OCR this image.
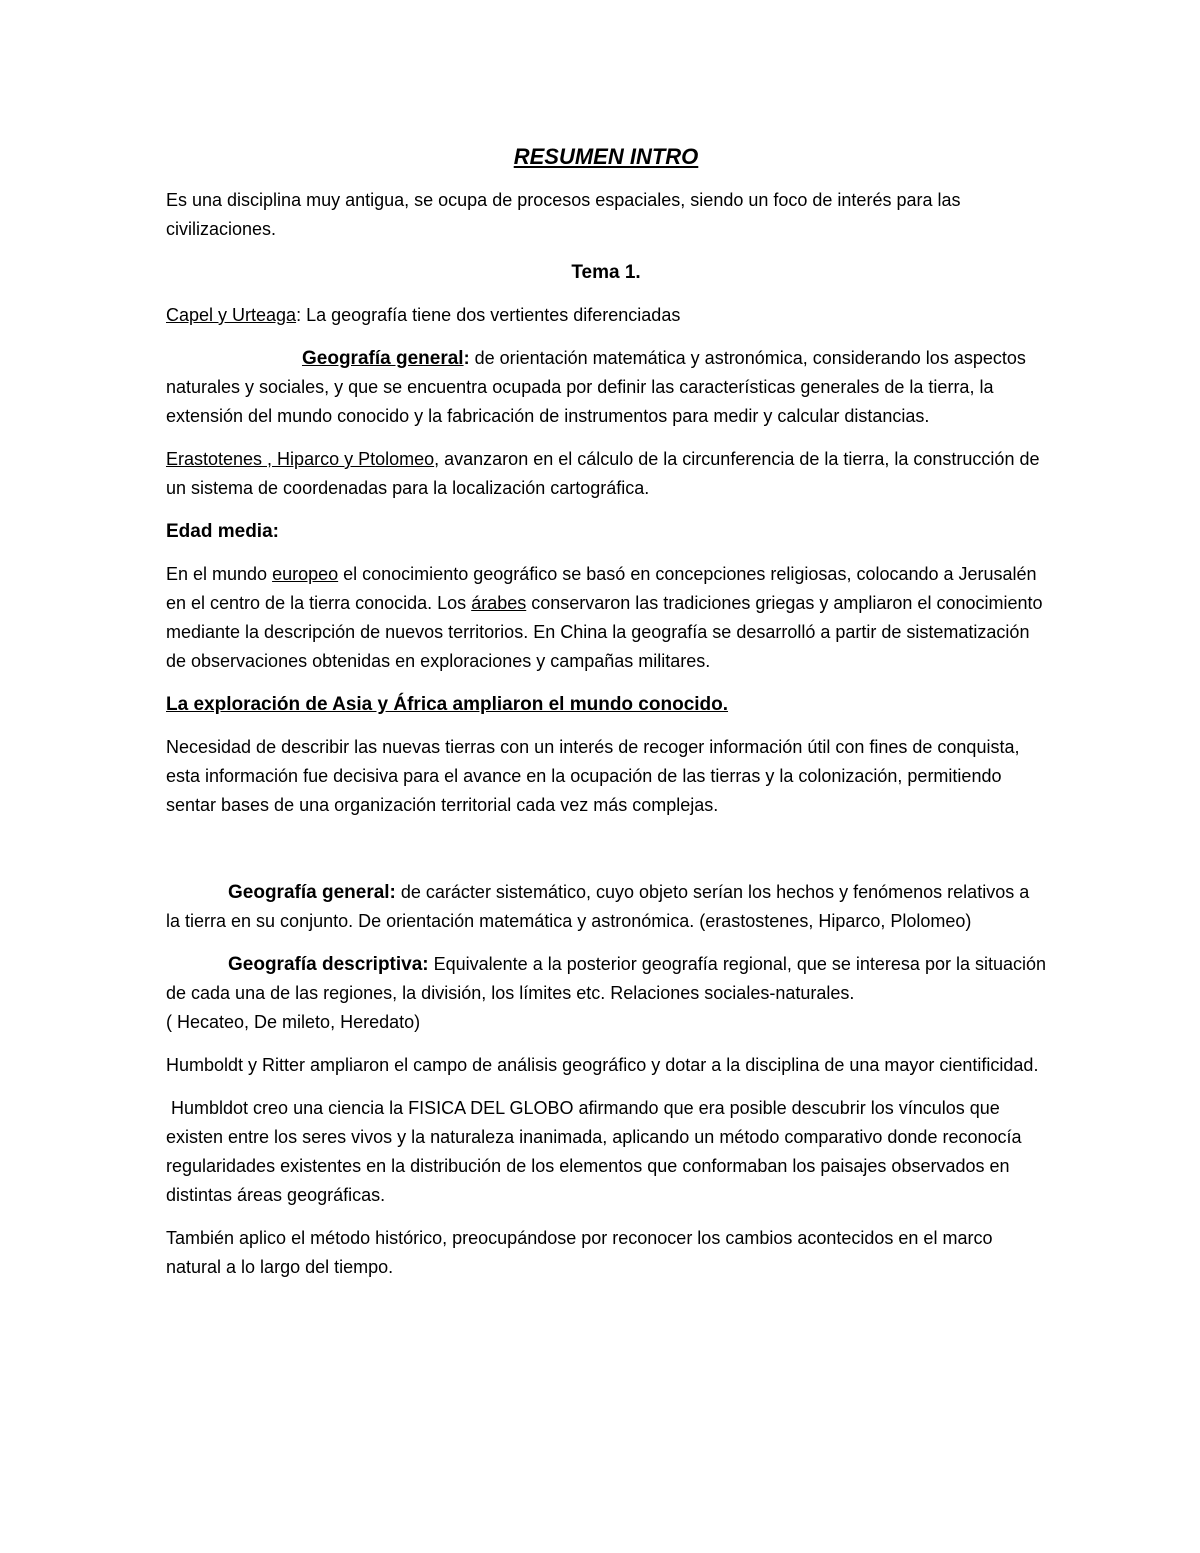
RESUMEN INTRO

Es una disciplina muy antigua, se ocupa de procesos espaciales, siendo un foco de interés para las civilizaciones.

Tema 1.

Capel y Urteaga: La geografía tiene dos vertientes diferenciadas

Geografía general: de orientación matemática y astronómica, considerando los aspectos naturales y sociales, y que se encuentra ocupada por definir las características generales de la tierra, la extensión del mundo conocido y la fabricación de instrumentos para medir y calcular distancias.

Erastotenes , Hiparco y Ptolomeo, avanzaron en el cálculo de la circunferencia de la tierra, la construcción de un sistema de coordenadas para la localización cartográfica.

Edad media:

En el mundo europeo el conocimiento geográfico se basó en concepciones religiosas, colocando a Jerusalén en el centro de la tierra conocida. Los árabes conservaron las tradiciones griegas y ampliaron el conocimiento mediante la descripción de nuevos territorios. En China la geografía se desarrolló a partir de sistematización de observaciones obtenidas en exploraciones y campañas militares.

La exploración de Asia y África ampliaron el mundo conocido.

Necesidad de describir las nuevas tierras con un interés de recoger información útil con fines de conquista, esta información fue decisiva para el avance en la ocupación de las tierras y la colonización, permitiendo sentar bases de una organización territorial cada vez más complejas.

Geografía general: de carácter sistemático, cuyo objeto serían los hechos y fenómenos relativos a la tierra en su conjunto. De orientación matemática y astronómica. (erastostenes, Hiparco, Plolomeo)

Geografía descriptiva: Equivalente a la posterior geografía regional, que se interesa por la situación de cada una de las regiones, la división, los límites etc. Relaciones sociales-naturales.
( Hecateo, De mileto, Heredato)

Humboldt y Ritter ampliaron el campo de análisis geográfico y dotar a la disciplina de una mayor cientificidad.

Humbldot creo una ciencia la FISICA DEL GLOBO afirmando que era posible descubrir los vínculos que existen entre los seres vivos y la naturaleza inanimada, aplicando un método comparativo donde reconocía regularidades existentes en la distribución de los elementos que conformaban los paisajes observados en distintas áreas geográficas.

También aplico el método histórico, preocupándose por reconocer los cambios acontecidos en el marco natural a lo largo del tiempo.
